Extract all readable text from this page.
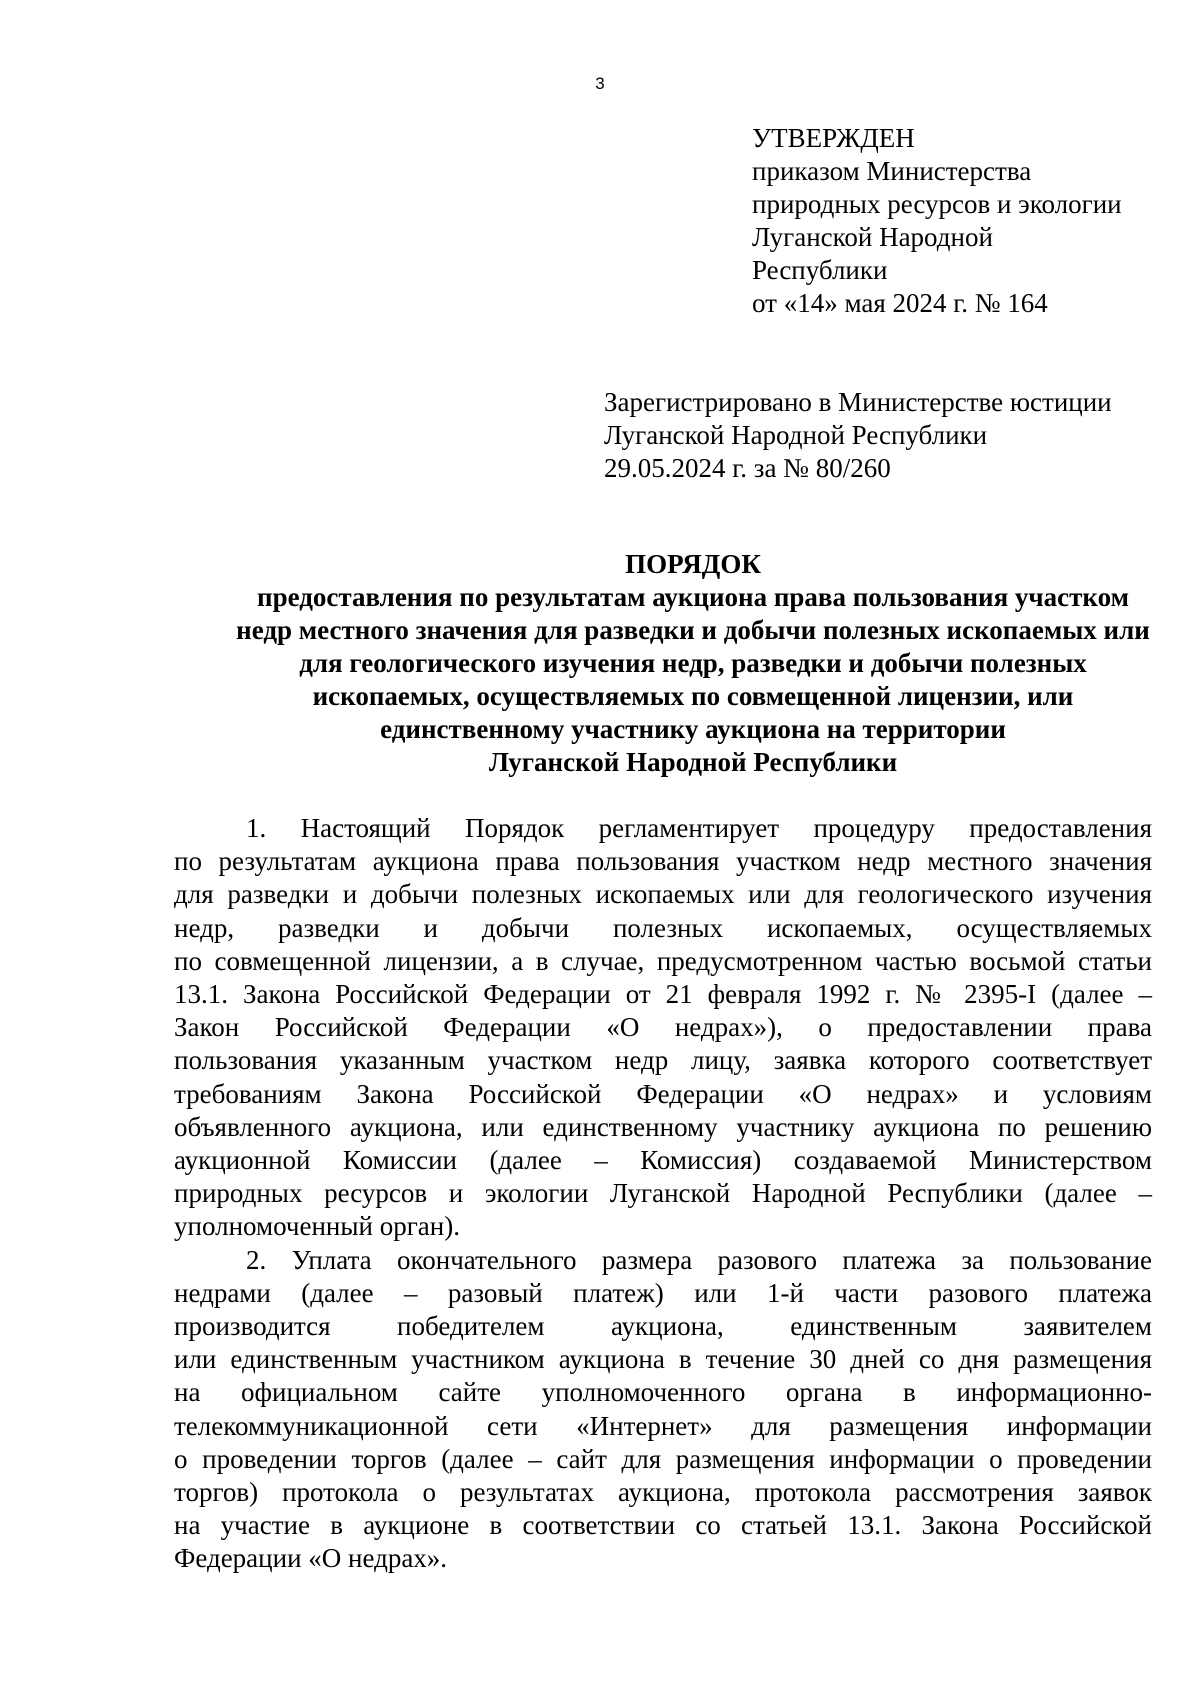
3
УТВЕРЖДЕН
приказом Министерства
природных ресурсов и экологии
Луганской Народной
Республики
от «14» мая 2024 г. № 164
Зарегистрировано в Министерстве юстиции
Луганской Народной Республики
29.05.2024 г. за № 80/260
ПОРЯДОК
предоставления по результатам аукциона права пользования участком
недр местного значения для разведки и добычи полезных ископаемых или
для геологического изучения недр, разведки и добычи полезных
ископаемых, осуществляемых по совмещенной лицензии, или
единственному участнику аукциона на территории
Луганской Народной Республики
1. Настоящий Порядок регламентирует процедуру предоставления
по результатам аукциона права пользования участком недр местного значения
для разведки и добычи полезных ископаемых или для геологического изучения
недр, разведки и добычи полезных ископаемых, осуществляемых
по совмещенной лицензии, а в случае, предусмотренном частью восьмой статьи
13.1. Закона Российской Федерации от 21 февраля 1992 г. № 2395-I (далее –
Закон Российской Федерации «О недрах»), о предоставлении права
пользования указанным участком недр лицу, заявка которого соответствует
требованиям Закона Российской Федерации «О недрах» и условиям
объявленного аукциона, или единственному участнику аукциона по решению
аукционной Комиссии (далее – Комиссия) создаваемой Министерством
природных ресурсов и экологии Луганской Народной Республики (далее –
уполномоченный орган).
2. Уплата окончательного размера разового платежа за пользование
недрами (далее – разовый платеж) или 1-й части разового платежа
производится победителем аукциона, единственным заявителем
или единственным участником аукциона в течение 30 дней со дня размещения
на официальном сайте уполномоченного органа в информационно-
телекоммуникационной сети «Интернет» для размещения информации
о проведении торгов (далее – сайт для размещения информации о проведении
торгов) протокола о результатах аукциона, протокола рассмотрения заявок
на участие в аукционе в соответствии со статьей 13.1. Закона Российской
Федерации «О недрах».
